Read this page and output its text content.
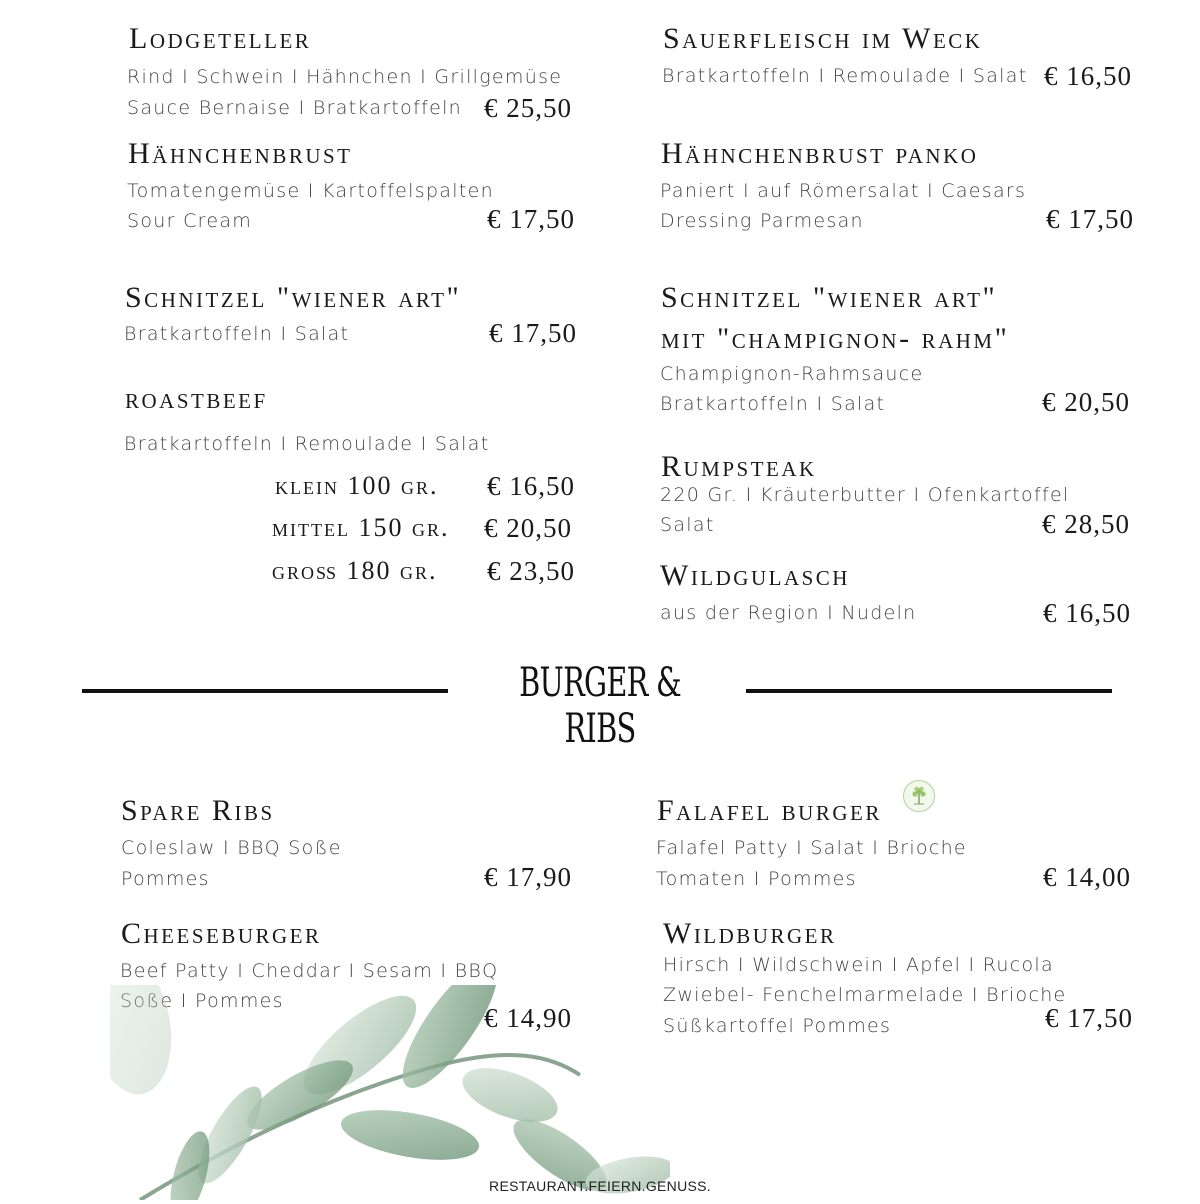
Lodgeteller
Rind I Schwein I Hähnchen I Grillgemüse
Sauce Bernaise I Bratkartoffeln € 25,50
Hähnchenbrust
Tomatengemüse I Kartoffelspalten
Sour Cream	€ 17,50
Schnitzel "wiener art"
Bratkartoffeln I Salat	€ 17,50
roastbeef
Bratkartoffeln I Remoulade I Salat
klein 100 gr. € 16,50
mittel 150 gr. € 20,50
groß 180 gr. € 23,50
Sauerfleisch im Weck
Bratkartoffeln I Remoulade I Salat € 16,50
Hähnchenbrust panko
Paniert I auf Römersalat I Caesars
Dressing Parmesan	€ 17,50
Schnitzel "wiener art"
mit "champignon- rahm"
Champignon-Rahmsauce
Bratkartoffeln I Salat	€ 20,50
Rumpsteak
220 Gr. I Kräuterbutter I Ofenkartoffel
Salat	€ 28,50
Wildgulasch
aus der Region I Nudeln	€ 16,50
BURGER & RIBS
Spare Ribs
Coleslaw I BBQ Soße
Pommes	€ 17,90
Cheeseburger
Beef Patty I Cheddar I Sesam I BBQ
Soße I Pommes
€ 14,90
Falafel burger
Falafel Patty I Salat I Brioche
Tomaten I Pommes	€ 14,00
Wildburger
Hirsch I Wildschwein I Apfel I Rucola
Zwiebel- Fenchelmarmelade I Brioche
Süßkartoffel Pommes	€ 17,50
RESTAURANT.FEIERN.GENUSS.
